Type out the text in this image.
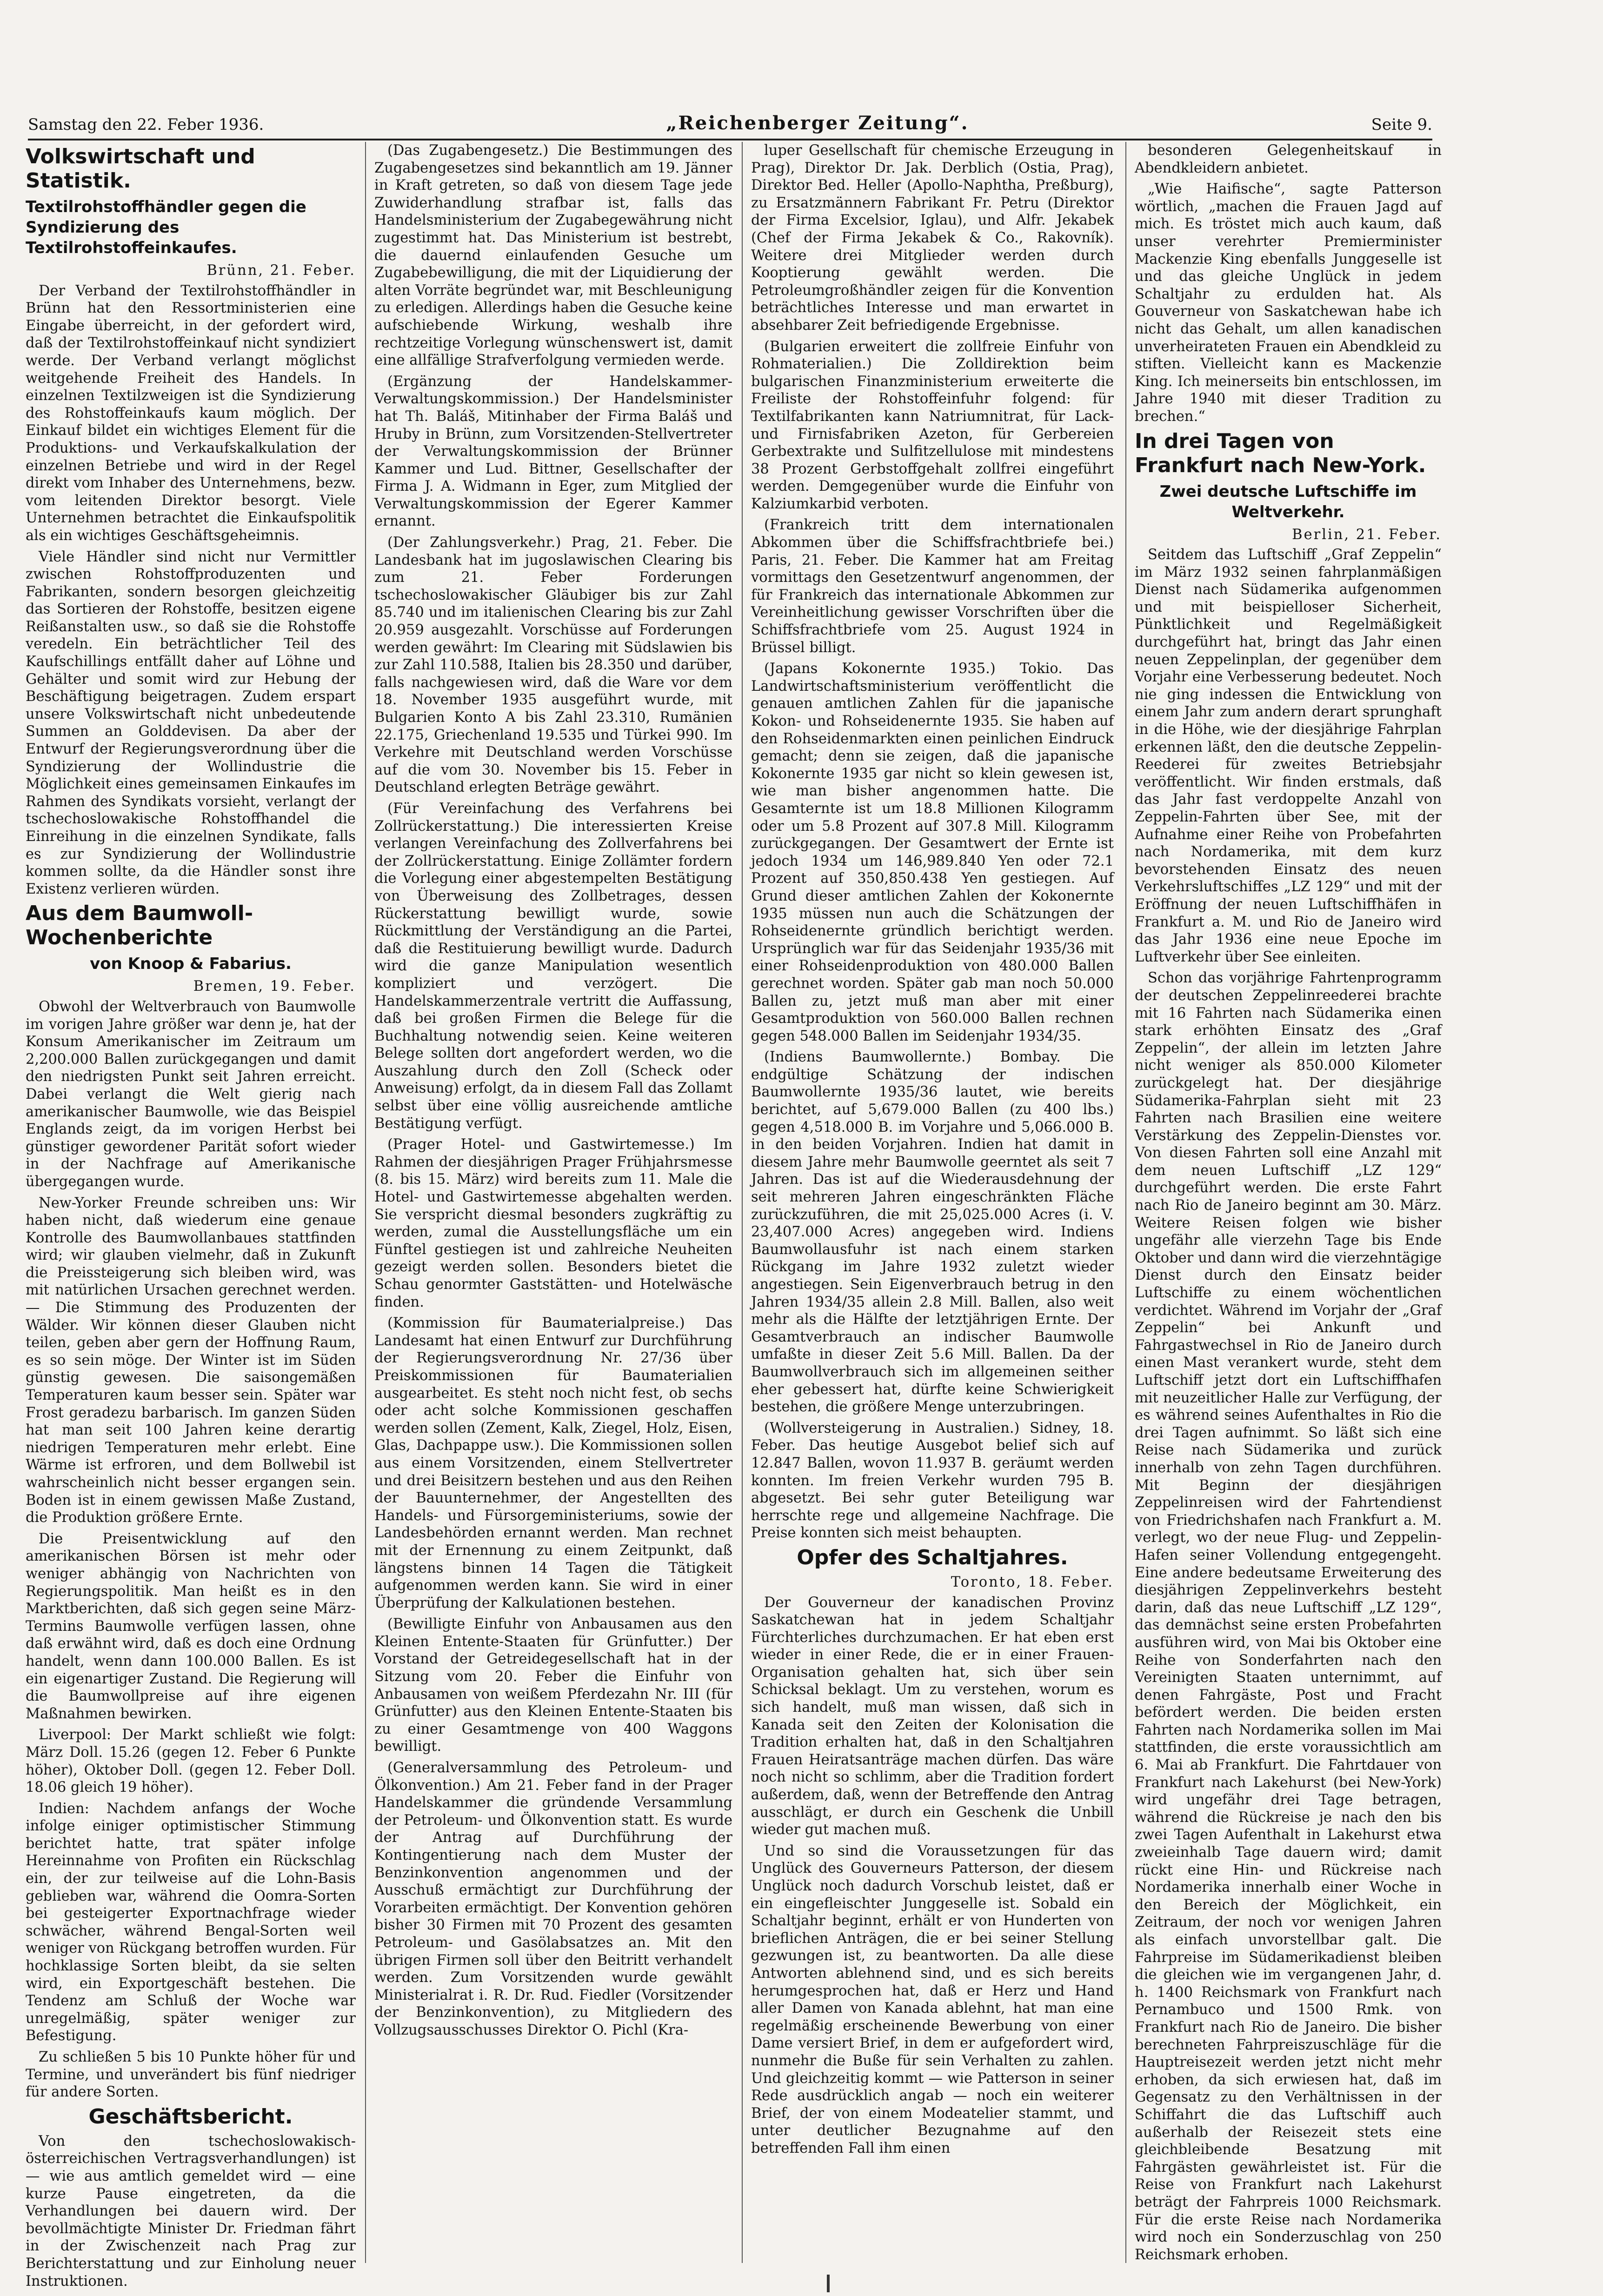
Samstag den 22. Feber 1936.	„Reichenberger Zeitung“.	Seite 9.
Volkswirtschaft und Statistik.
Textilrohstoffhändler gegen die Syndizierung des Textilrohstoffeinkaufes.
Brünn, 21. Feber.

Der Verband der Textilrohstoffhändler in Brünn hat den Ressortministerien eine Eingabe überreicht, in der gefordert wird, daß der Textilrohstoffeinkauf nicht syndiziert werde. Der Verband verlangt möglichst weitgehende Freiheit des Handels. In einzelnen Textilzweigen ist die Syndizierung des Rohstoffeinkaufs kaum möglich. Der Einkauf bildet ein wichtiges Element für die Produktions- und Verkaufskalkulation der einzelnen Betriebe und wird in der Regel direkt vom Inhaber des Unternehmens, bezw. vom leitenden Direktor besorgt. Viele Unternehmen betrachtet die Einkaufspolitik als ein wichtiges Geschäftsgeheimnis.

Viele Händler sind nicht nur Vermittler zwischen Rohstoffproduzenten und Fabrikanten, sondern besorgen gleichzeitig das Sortieren der Rohstoffe, besitzen eigene Reißanstalten usw., so daß sie die Rohstoffe veredeln. Ein beträchtlicher Teil des Kaufschillings entfällt daher auf Löhne und Gehälter und somit wird zur Hebung der Beschäftigung beigetragen. Zudem erspart unsere Volkswirtschaft nicht unbedeutende Summen an Golddevisen. Da aber der Entwurf der Regierungsverordnung über die Syndizierung der Wollindustrie die Möglichkeit eines gemeinsamen Einkaufes im Rahmen des Syndikats vorsieht, verlangt der tschechoslowakische Rohstoffhandel die Einreihung in die einzelnen Syndikate, falls es zur Syndizierung der Wollindustrie kommen sollte, da die Händler sonst ihre Existenz verlieren würden.

Aus dem Baumwoll-Wochenberichte
von Knoop & Fabarius.
Bremen, 19. Feber.

Obwohl der Weltverbrauch von Baumwolle im vorigen Jahre größer war denn je, hat der Konsum Amerikanischer im Zeitraum um 2,200.000 Ballen zurückgegangen und damit den niedrigsten Punkt seit Jahren erreicht. Dabei verlangt die Welt gierig nach amerikanischer Baumwolle, wie das Beispiel Englands zeigt, da im vorigen Herbst bei günstiger gewordener Parität sofort wieder in der Nachfrage auf Amerikanische übergegangen wurde.

New-Yorker Freunde schreiben uns: Wir haben nicht, daß wiederum eine genaue Kontrolle des Baumwollanbaues stattfinden wird; wir glauben vielmehr, daß in Zukunft die Preissteigerung sich bleiben wird, was mit natürlichen Ursachen gerechnet werden. — Die Stimmung des Produzenten der Wälder. Wir können dieser Glauben nicht teilen, geben aber gern der Hoffnung Raum, es so sein möge. Der Winter ist im Süden günstig gewesen. Die saisongemäßen Temperaturen kaum besser sein. Später war Frost geradezu barbarisch. Im ganzen Süden hat man seit 100 Jahren keine derartig niedrigen Temperaturen mehr erlebt. Eine Wärme ist erfroren, und dem Bollwebil ist wahrscheinlich nicht besser ergangen sein. Boden ist in einem gewissen Maße Zustand, die Produktion größere Ernte.

Die Preisentwicklung auf den amerikanischen Börsen ist mehr oder weniger abhängig von Nachrichten von Regierungspolitik. Man heißt es in den Marktberichten, daß sich gegen seine März-Termins Baumwolle verfügen lassen, ohne daß erwähnt wird, daß es doch eine Ordnung handelt, wenn dann 100.000 Ballen. Es ist ein eigenartiger Zustand. Die Regierung will die Baumwollpreise auf ihre eigenen Maßnahmen bewirken.

Liverpool: Der Markt schließt wie folgt: März Doll. 15.26 (gegen 12. Feber 6 Punkte höher), Oktober Doll. (gegen 12. Feber Doll. 18.06 gleich 19 höher).

Indien: Nachdem anfangs der Woche infolge einiger optimistischer Stimmung berichtet hatte, trat später infolge Hereinnahme von Profiten ein Rückschlag ein, der zur teilweise auf die Lohn-Basis geblieben war, während die Oomra-Sorten bei gesteigerter Exportnachfrage wieder schwächer, während Bengal-Sorten weil weniger von Rückgang betroffen wurden. Für hochklassige Sorten bleibt, da sie selten wird, ein Exportgeschäft bestehen. Die Tendenz am Schluß der Woche war unregelmäßig, später weniger zur Befestigung.

Zu schließen 5 bis 10 Punkte höher für und Termine, und unverändert bis fünf niedriger für andere Sorten.

Geschäftsbericht.

Von den tschechoslowakisch-österreichischen Vertragsverhandlungen) ist — wie aus amtlich gemeldet wird — eine kurze Pause eingetreten, da die Verhandlungen bei dauern wird. Der bevollmächtigte Minister Dr. Friedman fährt in der Zwischenzeit nach Prag zur Berichterstattung und zur Einholung neuer Instruktionen.

(Das Zugabengesetz.) Die Bestimmungen des Zugabengesetzes sind bekanntlich am 19. Jänner in Kraft getreten, so daß von diesem Tage jede Zuwiderhandlung strafbar ist, falls das Handelsministerium der Zugabegewährung nicht zugestimmt hat. Das Ministerium ist bestrebt, die dauernd einlaufenden Gesuche um Zugabebewilligung, die mit der Liquidierung der alten Vorräte begründet war, mit Beschleunigung zu erledigen. Allerdings haben die Gesuche keine aufschiebende Wirkung, weshalb ihre rechtzeitige Vorlegung wünschenswert ist, damit eine allfällige Strafverfolgung vermieden werde.

(Ergänzung der Handelskammer-Verwaltungskommission.) Der Handelsminister hat Th. Baláš, Mitinhaber der Firma Baláš und Hruby in Brünn, zum Vorsitzenden-Stellvertreter der Verwaltungskommission der Brünner Kammer und Lud. Bittner, Gesellschafter der Firma J. A. Widmann in Eger, zum Mitglied der Verwaltungskommission der Egerer Kammer ernannt.

(Der Zahlungsverkehr.) Prag, 21. Feber. Die Landesbank hat im jugoslawischen Clearing bis zum 21. Feber Forderungen tschechoslowakischer Gläubiger bis zur Zahl 85.740 und im italienischen Clearing bis zur Zahl 20.959 ausgezahlt. Vorschüsse auf Forderungen werden gewährt: Im Clearing mit Südslawien bis zur Zahl 110.588, Italien bis 28.350 und darüber, falls nachgewiesen wird, daß die Ware vor dem 18. November 1935 ausgeführt wurde, mit Bulgarien Konto A bis Zahl 23.310, Rumänien 22.175, Griechenland 19.535 und Türkei 990. Im Verkehre mit Deutschland werden Vorschüsse auf die vom 30. November bis 15. Feber in Deutschland erlegten Beträge gewährt.

(Für Vereinfachung des Verfahrens bei Zollrückerstattung.) Die interessierten Kreise verlangen Vereinfachung des Zollverfahrens bei der Zollrückerstattung. Einige Zollämter fordern die Vorlegung einer abgestempelten Bestätigung von Überweisung des Zollbetrages, dessen Rückerstattung bewilligt wurde, sowie Rückmittlung der Verständigung an die Partei, daß die Restituierung bewilligt wurde. Dadurch wird die ganze Manipulation wesentlich kompliziert und verzögert. Die Handelskammerzentrale vertritt die Auffassung, daß bei großen Firmen die Belege für die Buchhaltung notwendig seien. Keine weiteren Belege sollten dort angefordert werden, wo die Auszahlung durch den Zoll (Scheck oder Anweisung) erfolgt, da in diesem Fall das Zollamt selbst über eine völlig ausreichende amtliche Bestätigung verfügt.

(Prager Hotel- und Gastwirtemesse.) Im Rahmen der diesjährigen Prager Frühjahrsmesse (8. bis 15. März) wird bereits zum 11. Male die Hotel- und Gastwirtemesse abgehalten werden. Sie verspricht diesmal besonders zugkräftig zu werden, zumal die Ausstellungsfläche um ein Fünftel gestiegen ist und zahlreiche Neuheiten gezeigt werden sollen. Besonders bietet die Schau genormter Gaststätten- und Hotelwäsche finden.

(Kommission für Baumaterialpreise.) Das Landesamt hat einen Entwurf zur Durchführung der Regierungsverordnung Nr. 27/36 über Preiskommissionen für Baumaterialien ausgearbeitet. Es steht noch nicht fest, ob sechs oder acht solche Kommissionen geschaffen werden sollen (Zement, Kalk, Ziegel, Holz, Eisen, Glas, Dachpappe usw.). Die Kommissionen sollen aus einem Vorsitzenden, einem Stellvertreter und drei Beisitzern bestehen und aus den Reihen der Bauunternehmer, der Angestellten des Handels- und Fürsorgeministeriums, sowie der Landesbehörden ernannt werden. Man rechnet mit der Ernennung zu einem Zeitpunkt, daß längstens binnen 14 Tagen die Tätigkeit aufgenommen werden kann. Sie wird in einer Überprüfung der Kalkulationen bestehen.

(Bewilligte Einfuhr von Anbausamen aus den Kleinen Entente-Staaten für Grünfutter.) Der Vorstand der Getreidegesellschaft hat in der Sitzung vom 20. Feber die Einfuhr von Anbausamen von weißem Pferdezahn Nr. III (für Grünfutter) aus den Kleinen Entente-Staaten bis zu einer Gesamtmenge von 400 Waggons bewilligt.

(Generalversammlung des Petroleum- und Ölkonvention.) Am 21. Feber fand in der Prager Handelskammer die gründende Versammlung der Petroleum- und Ölkonvention statt. Es wurde der Antrag auf Durchführung der Kontingentierung nach dem Muster der Benzinkonvention angenommen und der Ausschuß ermächtigt zur Durchführung der Vorarbeiten ermächtigt. Der Konvention gehören bisher 30 Firmen mit 70 Prozent des gesamten Petroleum- und Gasölabsatzes an. Mit den übrigen Firmen soll über den Beitritt verhandelt werden. Zum Vorsitzenden wurde gewählt Ministerialrat i. R. Dr. Rud. Fiedler (Vorsitzender der Benzinkonvention), zu Mitgliedern des Vollzugsausschusses Direktor O. Pichl (Kra-

luper Gesellschaft für chemische Erzeugung in Prag), Direktor Dr. Jak. Derblich (Ostia, Prag), Direktor Bed. Heller (Apollo-Naphtha, Preßburg), zu Ersatzmännern Fabrikant Fr. Petru (Direktor der Firma Excelsior, Iglau), und Alfr. Jekabek (Chef der Firma Jekabek & Co., Rakovník). Weitere drei Mitglieder werden durch Kooptierung gewählt werden. Die Petroleumgroßhändler zeigen für die Konvention beträchtliches Interesse und man erwartet in absehbarer Zeit befriedigende Ergebnisse.

(Bulgarien erweitert die zollfreie Einfuhr von Rohmaterialien.) Die Zolldirektion beim bulgarischen Finanzministerium erweiterte die Freiliste der Rohstoffeinfuhr folgend: für Textilfabrikanten kann Natriumnitrat, für Lack- und Firnisfabriken Azeton, für Gerbereien Gerbextrakte und Sulfitzellulose mit mindestens 38 Prozent Gerbstoffgehalt zollfrei eingeführt werden. Demgegenüber wurde die Einfuhr von Kalziumkarbid verboten.

(Frankreich tritt dem internationalen Abkommen über die Schiffsfrachtbriefe bei.) Paris, 21. Feber. Die Kammer hat am Freitag vormittags den Gesetzentwurf angenommen, der für Frankreich das internationale Abkommen zur Vereinheitlichung gewisser Vorschriften über die Schiffsfrachtbriefe vom 25. August 1924 in Brüssel billigt.

(Japans Kokonernte 1935.) Tokio. Das Landwirtschaftsministerium veröffentlicht die genauen amtlichen Zahlen für die japanische Kokon- und Rohseidenernte 1935. Sie haben auf den Rohseidenmarkten einen peinlichen Eindruck gemacht; denn sie zeigen, daß die japanische Kokonernte 1935 gar nicht so klein gewesen ist, wie man bisher angenommen hatte. Die Gesamternte ist um 18.8 Millionen Kilogramm oder um 5.8 Prozent auf 307.8 Mill. Kilogramm zurückgegangen. Der Gesamtwert der Ernte ist jedoch 1934 um 146,989.840 Yen oder 72.1 Prozent auf 350,850.438 Yen gestiegen. Auf Grund dieser amtlichen Zahlen der Kokonernte 1935 müssen nun auch die Schätzungen der Rohseidenernte gründlich berichtigt werden. Ursprünglich war für das Seidenjahr 1935/36 mit einer Rohseidenproduktion von 480.000 Ballen gerechnet worden. Später gab man noch 50.000 Ballen zu, jetzt muß man aber mit einer Gesamtproduktion von 560.000 Ballen rechnen gegen 548.000 Ballen im Seidenjahr 1934/35.

(Indiens Baumwollernte.) Bombay. Die endgültige Schätzung der indischen Baumwollernte 1935/36 lautet, wie bereits berichtet, auf 5,679.000 Ballen (zu 400 lbs.) gegen 4,518.000 B. im Vorjahre und 5,066.000 B. in den beiden Vorjahren. Indien hat damit in diesem Jahre mehr Baumwolle geerntet als seit 7 Jahren. Das ist auf die Wiederausdehnung der seit mehreren Jahren eingeschränkten Fläche zurückzuführen, die mit 25,025.000 Acres (i. V. 23,407.000 Acres) angegeben wird. Indiens Baumwollausfuhr ist nach einem starken Rückgang im Jahre 1932 zuletzt wieder angestiegen. Sein Eigenverbrauch betrug in den Jahren 1934/35 allein 2.8 Mill. Ballen, also weit mehr als die Hälfte der letztjährigen Ernte. Der Gesamtverbrauch an indischer Baumwolle umfaßte in dieser Zeit 5.6 Mill. Ballen. Da der Baumwollverbrauch sich im allgemeinen seither eher gebessert hat, dürfte keine Schwierigkeit bestehen, die größere Menge unterzubringen.

(Wollversteigerung in Australien.) Sidney, 18. Feber. Das heutige Ausgebot belief sich auf 12.847 Ballen, wovon 11.937 B. geräumt werden konnten. Im freien Verkehr wurden 795 B. abgesetzt. Bei sehr guter Beteiligung war herrschte rege und allgemeine Nachfrage. Die Preise konnten sich meist behaupten.

Opfer des Schaltjahres.
Toronto, 18. Feber.

Der Gouverneur der kanadischen Provinz Saskatchewan hat in jedem Schaltjahr Fürchterliches durchzumachen. Er hat eben erst wieder in einer Rede, die er in einer Frauen-Organisation gehalten hat, sich über sein Schicksal beklagt. Um zu verstehen, worum es sich handelt, muß man wissen, daß sich in Kanada seit den Zeiten der Kolonisation die Tradition erhalten hat, daß in den Schaltjahren Frauen Heiratsanträge machen dürfen. Das wäre noch nicht so schlimm, aber die Tradition fordert außerdem, daß, wenn der Betreffende den Antrag ausschlägt, er durch ein Geschenk die Unbill wieder gut machen muß.

Und so sind die Voraussetzungen für das Unglück des Gouverneurs Patterson, der diesem Unglück noch dadurch Vorschub leistet, daß er ein eingefleischter Junggeselle ist. Sobald ein Schaltjahr beginnt, erhält er von Hunderten von brieflichen Anträgen, die er bei seiner Stellung gezwungen ist, zu beantworten. Da alle diese Antworten ablehnend sind, und es sich bereits herumgesprochen hat, daß er Herz und Hand aller Damen von Kanada ablehnt, hat man eine regelmäßig erscheinende Bewerbung von einer Dame versiert Brief, in dem er aufgefordert wird, nunmehr die Buße für sein Verhalten zu zahlen. Und gleichzeitig kommt — wie Patterson in seiner Rede ausdrücklich angab — noch ein weiterer Brief, der von einem Modeatelier stammt, und unter deutlicher Bezugnahme auf den betreffenden Fall ihm einen

besonderen Gelegenheitskauf in Abendkleidern anbietet.

„Wie Haifische“, sagte Patterson wörtlich, „machen die Frauen Jagd auf mich. Es tröstet mich auch kaum, daß unser verehrter Premierminister Mackenzie King ebenfalls Junggeselle ist und das gleiche Unglück in jedem Schaltjahr zu erdulden hat. Als Gouverneur von Saskatchewan habe ich nicht das Gehalt, um allen kanadischen unverheirateten Frauen ein Abendkleid zu stiften. Vielleicht kann es Mackenzie King. Ich meinerseits bin entschlossen, im Jahre 1940 mit dieser Tradition zu brechen.“

In drei Tagen von Frankfurt nach New-York.
Zwei deutsche Luftschiffe im Weltverkehr.
Berlin, 21. Feber.

Seitdem das Luftschiff „Graf Zeppelin“ im März 1932 seinen fahrplanmäßigen Dienst nach Südamerika aufgenommen und mit beispielloser Sicherheit, Pünktlichkeit und Regelmäßigkeit durchgeführt hat, bringt das Jahr einen neuen Zeppelinplan, der gegenüber dem Vorjahr eine Verbesserung bedeutet. Noch nie ging indessen die Entwicklung von einem Jahr zum andern derart sprunghaft in die Höhe, wie der diesjährige Fahrplan erkennen läßt, den die deutsche Zeppelin-Reederei für zweites Betriebsjahr veröffentlicht. Wir finden erstmals, daß das Jahr fast verdoppelte Anzahl von Zeppelin-Fahrten über See, mit der Aufnahme einer Reihe von Probefahrten nach Nordamerika, mit dem kurz bevorstehenden Einsatz des neuen Verkehrsluftschiffes „LZ 129“ und mit der Eröffnung der neuen Luftschiffhäfen in Frankfurt a. M. und Rio de Janeiro wird das Jahr 1936 eine neue Epoche im Luftverkehr über See einleiten.

Schon das vorjährige Fahrtenprogramm der deutschen Zeppelinreederei brachte mit 16 Fahrten nach Südamerika einen stark erhöhten Einsatz des „Graf Zeppelin“, der allein im letzten Jahre nicht weniger als 850.000 Kilometer zurückgelegt hat. Der diesjährige Südamerika-Fahrplan sieht mit 23 Fahrten nach Brasilien eine weitere Verstärkung des Zeppelin-Dienstes vor. Von diesen Fahrten soll eine Anzahl mit dem neuen Luftschiff „LZ 129“ durchgeführt werden. Die erste Fahrt nach Rio de Janeiro beginnt am 30. März. Weitere Reisen folgen wie bisher ungefähr alle vierzehn Tage bis Ende Oktober und dann wird die vierzehntägige Dienst durch den Einsatz beider Luftschiffe zu einem wöchentlichen verdichtet. Während im Vorjahr der „Graf Zeppelin“ bei Ankunft und Fahrgastwechsel in Rio de Janeiro durch einen Mast verankert wurde, steht dem Luftschiff jetzt dort ein Luftschiffhafen mit neuzeitlicher Halle zur Verfügung, der es während seines Aufenthaltes in Rio die drei Tagen aufnimmt. So läßt sich eine Reise nach Südamerika und zurück innerhalb von zehn Tagen durchführen. Mit Beginn der diesjährigen Zeppelinreisen wird der Fahrtendienst von Friedrichshafen nach Frankfurt a. M. verlegt, wo der neue Flug- und Zeppelin-Hafen seiner Vollendung entgegengeht. Eine andere bedeutsame Erweiterung des diesjährigen Zeppelinverkehrs besteht darin, daß das neue Luftschiff „LZ 129“, das demnächst seine ersten Probefahrten ausführen wird, von Mai bis Oktober eine Reihe von Sonderfahrten nach den Vereinigten Staaten unternimmt, auf denen Fahrgäste, Post und Fracht befördert werden. Die beiden ersten Fahrten nach Nordamerika sollen im Mai stattfinden, die erste voraussichtlich am 6. Mai ab Frankfurt. Die Fahrtdauer von Frankfurt nach Lakehurst (bei New-York) wird ungefähr drei Tage betragen, während die Rückreise je nach den bis zwei Tagen Aufenthalt in Lakehurst etwa zweieinhalb Tage dauern wird; damit rückt eine Hin- und Rückreise nach Nordamerika innerhalb einer Woche in den Bereich der Möglichkeit, ein Zeitraum, der noch vor wenigen Jahren als einfach unvorstellbar galt. Die Fahrpreise im Südamerikadienst bleiben die gleichen wie im vergangenen Jahr, d. h. 1400 Reichsmark von Frankfurt nach Pernambuco und 1500 Rmk. von Frankfurt nach Rio de Janeiro. Die bisher berechneten Fahrpreiszuschläge für die Hauptreisezeit werden jetzt nicht mehr erhoben, da sich erwiesen hat, daß im Gegensatz zu den Verhältnissen in der Schiffahrt die das Luftschiff auch außerhalb der Reisezeit stets eine gleichbleibende Besatzung mit Fahrgästen gewährleistet ist. Für die Reise von Frankfurt nach Lakehurst beträgt der Fahrpreis 1000 Reichsmark. Für die erste Reise nach Nordamerika wird noch ein Sonderzuschlag von 250 Reichsmark erhoben.
